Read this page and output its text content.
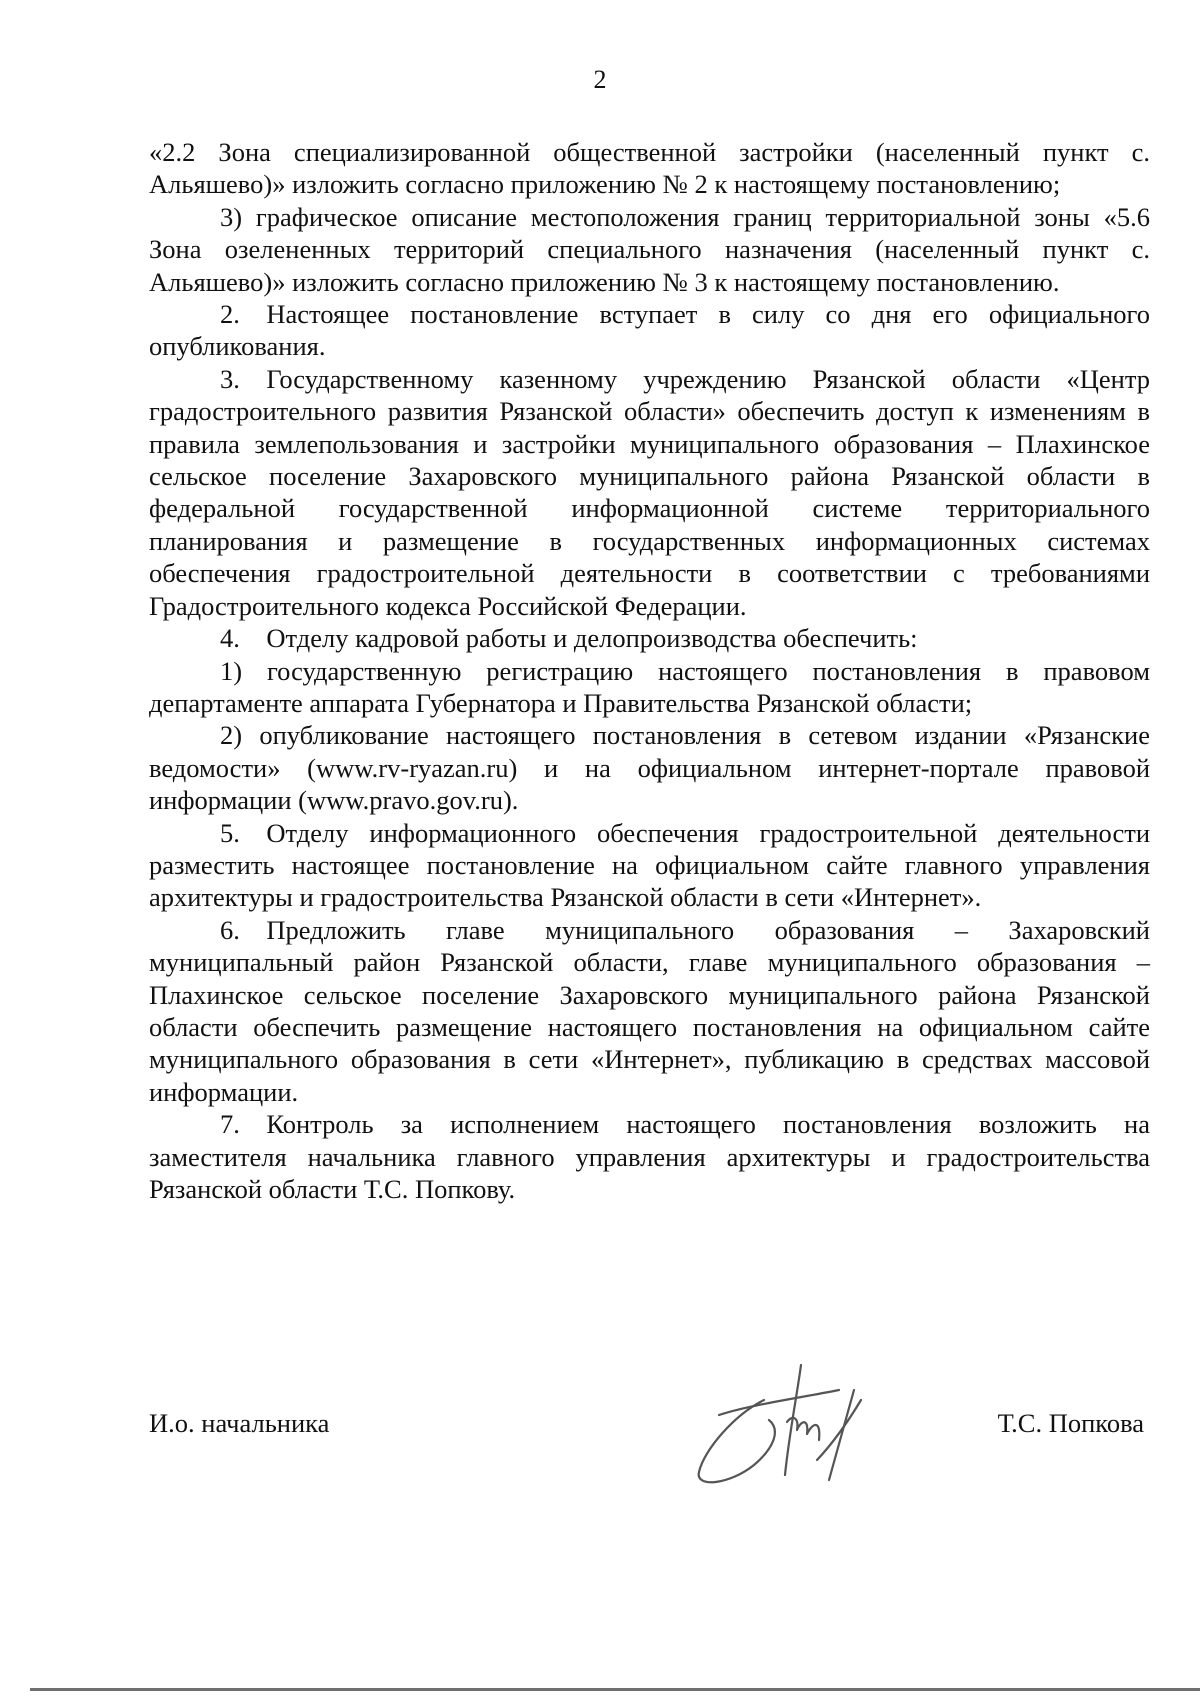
2

«2.2 Зона специализированной общественной застройки (населенный пункт с. Альяшево)» изложить согласно приложению № 2 к настоящему постановлению;

3) графическое описание местоположения границ территориальной зоны «5.6 Зона озелененных территорий специального назначения (населенный пункт с. Альяшево)» изложить согласно приложению № 3 к настоящему постановлению.

2. Настоящее постановление вступает в силу со дня его официального опубликования.

3. Государственному казенному учреждению Рязанской области «Центр градостроительного развития Рязанской области» обеспечить доступ к изменениям в правила землепользования и застройки муниципального образования – Плахинское сельское поселение Захаровского муниципального района Рязанской области в федеральной государственной информационной системе территориального планирования и размещение в государственных информационных системах обеспечения градостроительной деятельности в соответствии с требованиями Градостроительного кодекса Российской Федерации.

4. Отделу кадровой работы и делопроизводства обеспечить:

1) государственную регистрацию настоящего постановления в правовом департаменте аппарата Губернатора и Правительства Рязанской области;

2) опубликование настоящего постановления в сетевом издании «Рязанские ведомости» (www.rv-ryazan.ru) и на официальном интернет-портале правовой информации (www.pravo.gov.ru).

5. Отделу информационного обеспечения градостроительной деятельности разместить настоящее постановление на официальном сайте главного управления архитектуры и градостроительства Рязанской области в сети «Интернет».

6. Предложить главе муниципального образования – Захаровский муниципальный район Рязанской области, главе муниципального образования – Плахинское сельское поселение Захаровского муниципального района Рязанской области обеспечить размещение настоящего постановления на официальном сайте муниципального образования в сети «Интернет», публикацию в средствах массовой информации.

7. Контроль за исполнением настоящего постановления возложить на заместителя начальника главного управления архитектуры и градостроительства Рязанской области Т.С. Попкову.

И.о. начальника	Т.С. Попкова
